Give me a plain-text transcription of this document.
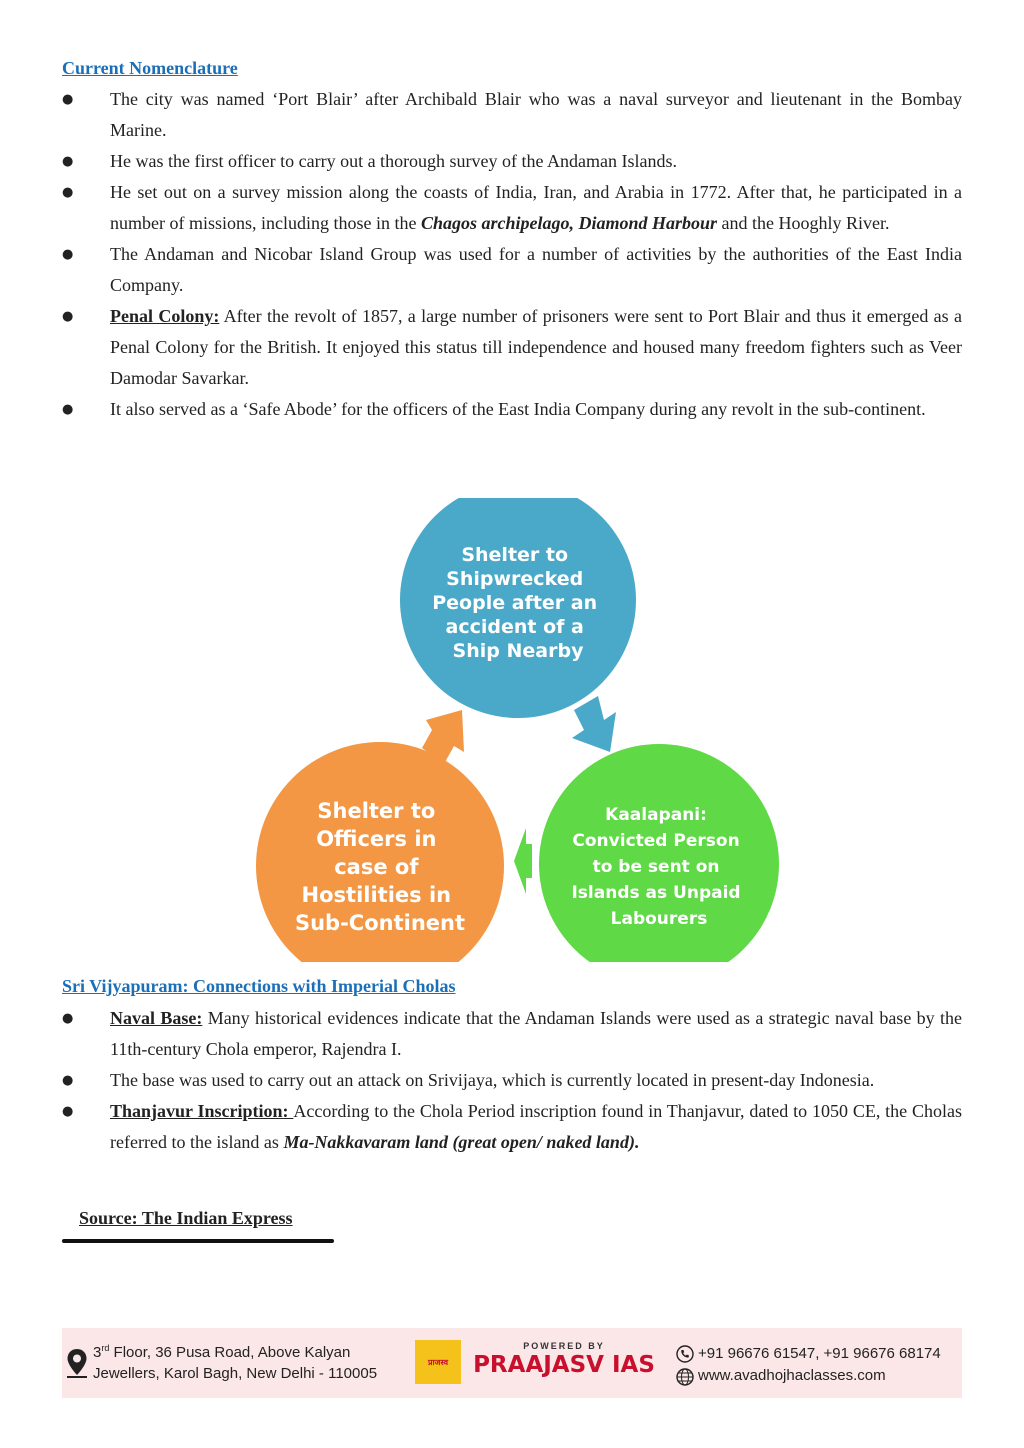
Current Nomenclature
● The city was named ‘Port Blair’ after Archibald Blair who was a naval surveyor and lieutenant in the Bombay Marine.
● He was the first officer to carry out a thorough survey of the Andaman Islands.
● He set out on a survey mission along the coasts of India, Iran, and Arabia in 1772. After that, he participated in a number of missions, including those in the Chagos archipelago, Diamond Harbour and the Hooghly River.
● The Andaman and Nicobar Island Group was used for a number of activities by the authorities of the East India Company.
● Penal Colony: After the revolt of 1857, a large number of prisoners were sent to Port Blair and thus it emerged as a Penal Colony for the British. It enjoyed this status till independence and housed many freedom fighters such as Veer Damodar Savarkar.
● It also served as a ‘Safe Abode’ for the officers of the East India Company during any revolt in the sub-continent.
Shelter to Shipwrecked People after an accident of a Ship Nearby
Kaalapani: Convicted Person to be sent on Islands as Unpaid Labourers
Shelter to Officers in case of Hostilities in Sub-Continent
Sri Vijyapuram: Connections with Imperial Cholas
● Naval Base: Many historical evidences indicate that the Andaman Islands were used as a strategic naval base by the 11th-century Chola emperor, Rajendra I.
● The base was used to carry out an attack on Srivijaya, which is currently located in present-day Indonesia.
● Thanjavur Inscription: According to the Chola Period inscription found in Thanjavur, dated to 1050 CE, the Cholas referred to the island as Ma-Nakkavaram land (great open/ naked land).
Source: The Indian Express
3rd Floor, 36 Pusa Road, Above Kalyan
Jewellers, Karol Bagh, New Delhi - 110005
प्राजस्व
POWERED BY
PRAAJASV IAS	+91 96676 61547, +91 96676 68174
www.avadhojhaclasses.com
